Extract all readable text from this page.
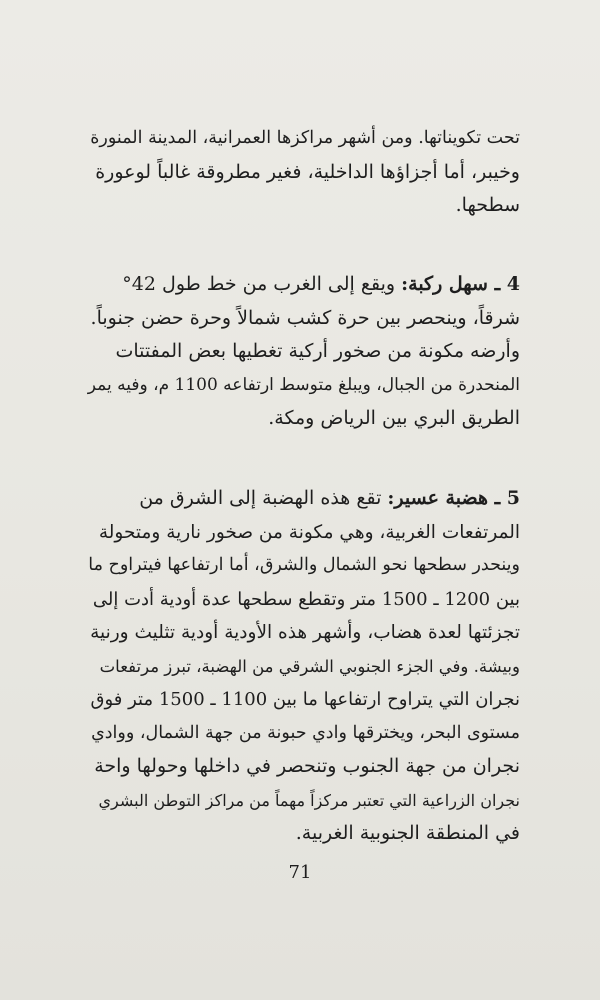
تحت تكويناتها. ومن أشهر مراكزها العمرانية، المدينة المنورة
وخيبر، أما أجزاؤها الداخلية، فغير مطروقة غالباً لوعورة
سطحها.

4 ـ سهل ركبة: ويقع إلى الغرب من خط طول 42°
شرقاً، وينحصر بين حرة كشب شمالاً وحرة حضن جنوباً.
وأرضه مكونة من صخور أركية تغطيها بعض المفتتات
المنحدرة من الجبال، ويبلغ متوسط ارتفاعه 1100 م، وفيه يمر
الطريق البري بين الرياض ومكة.

5 ـ هضبة عسير: تقع هذه الهضبة إلى الشرق من
المرتفعات الغربية، وهي مكونة من صخور نارية ومتحولة
وينحدر سطحها نحو الشمال والشرق، أما ارتفاعها فيتراوح ما
بين 1200 ـ 1500 متر وتقطع سطحها عدة أودية أدت إلى
تجزئتها لعدة هضاب، وأشهر هذه الأودية أودية تثليث ورنية
وبيشة. وفي الجزء الجنوبي الشرقي من الهضبة، تبرز مرتفعات
نجران التي يتراوح ارتفاعها ما بين 1100 ـ 1500 متر فوق
مستوى البحر، ويخترقها وادي حبونة من جهة الشمال، ووادي
نجران من جهة الجنوب وتنحصر في داخلها وحولها واحة
نجران الزراعية التي تعتبر مركزاً مهماً من مراكز التوطن البشري
في المنطقة الجنوبية الغربية.

71
